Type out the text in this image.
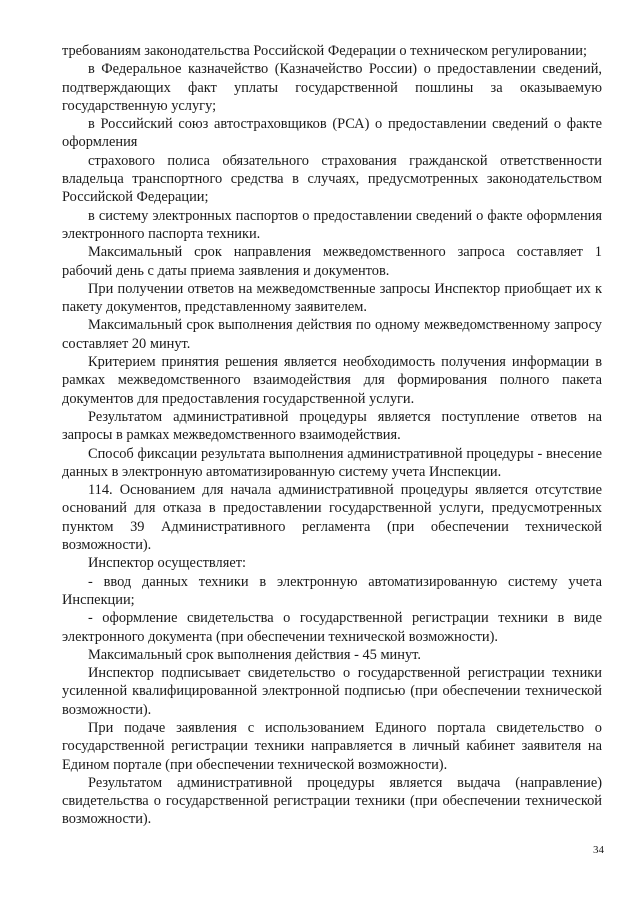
требованиям законодательства Российской Федерации о техническом регулировании;

в Федеральное казначейство (Казначейство России) о предоставлении сведений, подтверждающих факт уплаты государственной пошлины за оказываемую государственную услугу;

в Российский союз автостраховщиков (РСА) о предоставлении сведений о факте оформления

страхового полиса обязательного страхования гражданской ответственности владельца транспортного средства в случаях, предусмотренных законодательством Российской Федерации;

в систему электронных паспортов о предоставлении сведений о факте оформления электронного паспорта техники.

Максимальный срок направления межведомственного запроса составляет 1 рабочий день с даты приема заявления и документов.

При получении ответов на межведомственные запросы Инспектор приобщает их к пакету документов, представленному заявителем.

Максимальный срок выполнения действия по одному межведомственному запросу составляет 20 минут.

Критерием принятия решения является необходимость получения информации в рамках межведомственного взаимодействия для формирования полного пакета документов для предоставления государственной услуги.

Результатом административной процедуры является поступление ответов на запросы в рамках межведомственного взаимодействия.

Способ фиксации результата выполнения административной процедуры - внесение данных в электронную автоматизированную систему учета Инспекции.

114. Основанием для начала административной процедуры является отсутствие оснований для отказа в предоставлении государственной услуги, предусмотренных пунктом 39 Административного регламента (при обеспечении технической возможности).

Инспектор осуществляет:

- ввод данных техники в электронную автоматизированную систему учета Инспекции;

- оформление свидетельства о государственной регистрации техники в виде электронного документа (при обеспечении технической возможности).

Максимальный срок выполнения действия - 45 минут.

Инспектор подписывает свидетельство о государственной регистрации техники усиленной квалифицированной электронной подписью (при обеспечении технической возможности).

При подаче заявления с использованием Единого портала свидетельство о государственной регистрации техники направляется в личный кабинет заявителя на Едином портале (при обеспечении технической возможности).

Результатом административной процедуры является выдача (направление) свидетельства о государственной регистрации техники (при обеспечении технической возможности).

34
